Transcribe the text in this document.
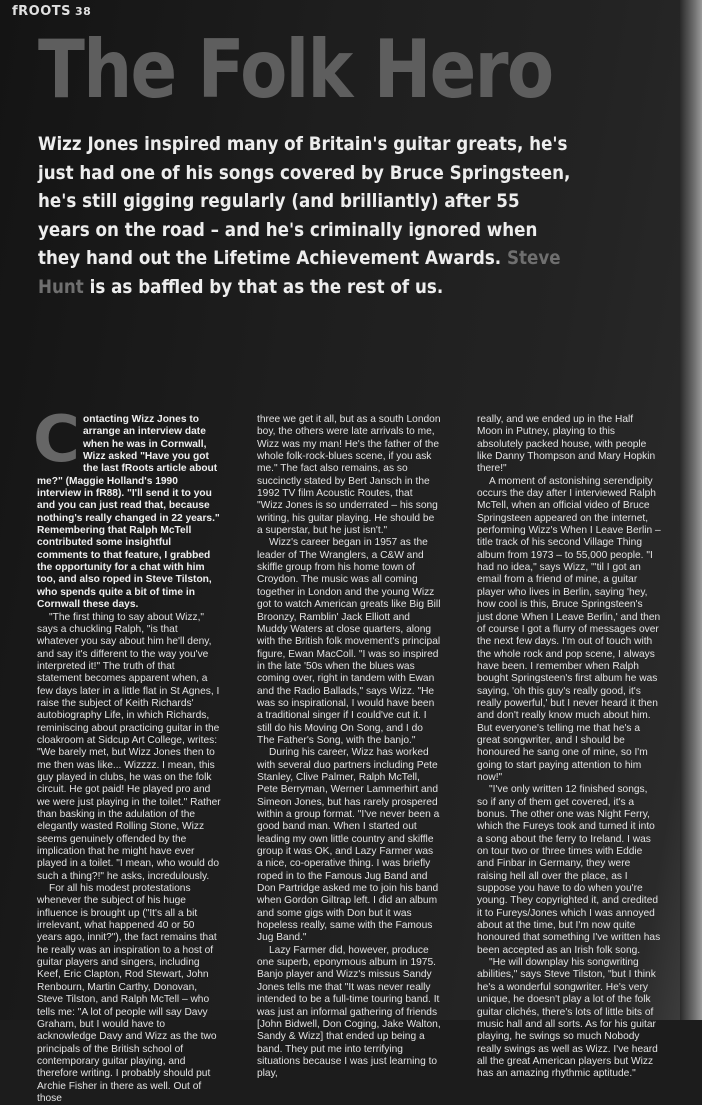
fROOTS 38
The Folk Hero
Wizz Jones inspired many of Britain's guitar greats, he's just had one of his songs covered by Bruce Springsteen, he's still gigging regularly (and brilliantly) after 55 years on the road – and he's criminally ignored when they hand out the Lifetime Achievement Awards. Steve Hunt is as baffled by that as the rest of us.
C ontacting Wizz Jones to arrange an interview date when he was in Cornwall, Wizz asked "Have you got the last fRoots article about me?" (Maggie Holland's 1990 interview in fR88). "I'll send it to you and you can just read that, because nothing's really changed in 22 years." Remembering that Ralph McTell contributed some insightful comments to that feature, I grabbed the opportunity for a chat with him too, and also roped in Steve Tilston, who spends quite a bit of time in Cornwall these days.

"The first thing to say about Wizz," says a chuckling Ralph, "is that whatever you say about him he'll deny, and say it's different to the way you've interpreted it!" The truth of that statement becomes apparent when, a few days later in a little flat in St Agnes, I raise the subject of Keith Richards' autobiography Life, in which Richards, reminiscing about practicing guitar in the cloakroom at Sidcup Art College, writes: "We barely met, but Wizz Jones then to me then was like... Wizzzz. I mean, this guy played in clubs, he was on the folk circuit. He got paid! He played pro and we were just playing in the toilet." Rather than basking in the adulation of the elegantly wasted Rolling Stone, Wizz seems genuinely offended by the implication that he might have ever played in a toilet. "I mean, who would do such a thing?!" he asks, incredulously.

For all his modest protestations whenever the subject of his huge influence is brought up ("It's all a bit irrelevant, what happened 40 or 50 years ago, innit?"), the fact remains that he really was an inspiration to a host of guitar players and singers, including Keef, Eric Clapton, Rod Stewart, John Renbourn, Martin Carthy, Donovan, Steve Tilston, and Ralph McTell – who tells me: "A lot of people will say Davy Graham, but I would have to acknowledge Davy and Wizz as the two principals of the British school of contemporary guitar playing, and therefore writing. I probably should put Archie Fisher in there as well. Out of those

three we get it all, but as a south London boy, the others were late arrivals to me, Wizz was my man! He's the father of the whole folk-rock-blues scene, if you ask me." The fact also remains, as so succinctly stated by Bert Jansch in the 1992 TV film Acoustic Routes, that "Wizz Jones is so underrated – his song writing, his guitar playing. He should be a superstar, but he just isn't."

Wizz's career began in 1957 as the leader of The Wranglers, a C&W and skiffle group from his home town of Croydon. The music was all coming together in London and the young Wizz got to watch American greats like Big Bill Broonzy, Ramblin' Jack Elliott and Muddy Waters at close quarters, along with the British folk movement's principal figure, Ewan MacColl. "I was so inspired in the late '50s when the blues was coming over, right in tandem with Ewan and the Radio Ballads," says Wizz. "He was so inspirational, I would have been a traditional singer if I could've cut it. I still do his Moving On Song, and I do The Father's Song, with the banjo."

During his career, Wizz has worked with several duo partners including Pete Stanley, Clive Palmer, Ralph McTell, Pete Berryman, Werner Lammerhirt and Simeon Jones, but has rarely prospered within a group format. "I've never been a good band man. When I started out leading my own little country and skiffle group it was OK, and Lazy Farmer was a nice, co-operative thing. I was briefly roped in to the Famous Jug Band and Don Partridge asked me to join his band when Gordon Giltrap left. I did an album and some gigs with Don but it was hopeless really, same with the Famous Jug Band."

Lazy Farmer did, however, produce one superb, eponymous album in 1975. Banjo player and Wizz's missus Sandy Jones tells me that "It was never really intended to be a full-time touring band. It was just an informal gathering of friends [John Bidwell, Don Coging, Jake Walton, Sandy & Wizz] that ended up being a band. They put me into terrifying situations because I was just learning to play,

really, and we ended up in the Half Moon in Putney, playing to this absolutely packed house, with people like Danny Thompson and Mary Hopkin there!"

A moment of astonishing serendipity occurs the day after I interviewed Ralph McTell, when an official video of Bruce Springsteen appeared on the internet, performing Wizz's When I Leave Berlin – title track of his second Village Thing album from 1973 – to 55,000 people. "I had no idea," says Wizz, "'til I got an email from a friend of mine, a guitar player who lives in Berlin, saying 'hey, how cool is this, Bruce Springsteen's just done When I Leave Berlin,' and then of course I got a flurry of messages over the next few days. I'm out of touch with the whole rock and pop scene, I always have been. I remember when Ralph bought Springsteen's first album he was saying, 'oh this guy's really good, it's really powerful,' but I never heard it then and don't really know much about him. But everyone's telling me that he's a great songwriter, and I should be honoured he sang one of mine, so I'm going to start paying attention to him now!"

"I've only written 12 finished songs, so if any of them get covered, it's a bonus. The other one was Night Ferry, which the Fureys took and turned it into a song about the ferry to Ireland. I was on tour two or three times with Eddie and Finbar in Germany, they were raising hell all over the place, as I suppose you have to do when you're young. They copyrighted it, and credited it to Fureys/Jones which I was annoyed about at the time, but I'm now quite honoured that something I've written has been accepted as an Irish folk song.

"He will downplay his songwriting abilities," says Steve Tilston, "but I think he's a wonderful songwriter. He's very unique, he doesn't play a lot of the folk guitar clichés, there's lots of little bits of music hall and all sorts. As for his guitar playing, he swings so much Nobody really swings as well as Wizz. I've heard all the great American players but Wizz has an amazing rhythmic aptitude."
